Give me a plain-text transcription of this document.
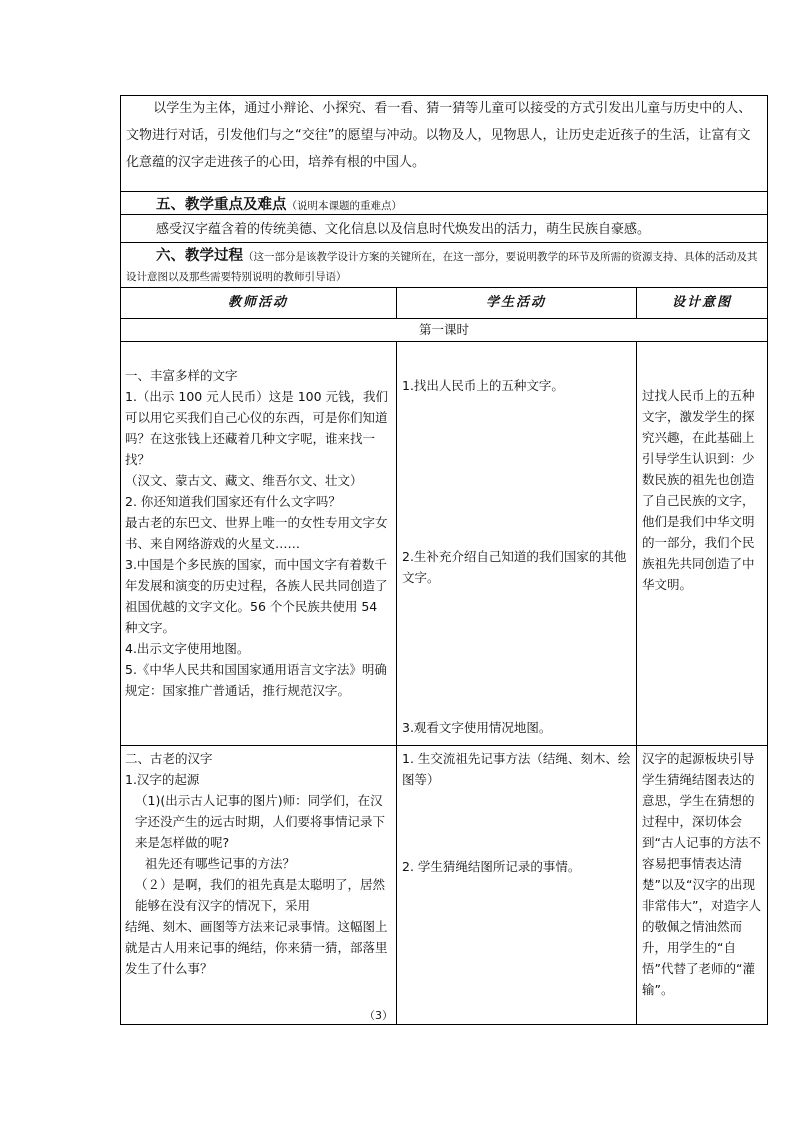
以学生为主体，通过小辩论、小探究、看一看、猜一猜等儿童可以接受的方式引发出儿童与历史中的人、文物进行对话，引发他们与之“交往”的愿望与冲动。以物及人，见物思人，让历史走近孩子的生活，让富有文化意蕴的汉字走进孩子的心田，培养有根的中国人。
五、教学重点及难点（说明本课题的重难点）
感受汉字蕴含着的传统美德、文化信息以及信息时代焕发出的活力，萌生民族自豪感。
六、教学过程（这一部分是该教学设计方案的关键所在，在这一部分，要说明教学的环节及所需的资源支持、具体的活动及其设计意图以及那些需要特别说明的教师引导语）
教师活动	学生活动	设计意图
第一课时

一、丰富多样的文字

1.（出示 100 元人民币）这是 100 元钱，我们可以用它买我们自己心仪的东西，可是你们知道吗？在这张钱上还藏着几种文字呢，谁来找一找？

（汉文、蒙古文、藏文、维吾尔文、壮文）

2. 你还知道我们国家还有什么文字吗？

最古老的东巴文、世界上唯一的女性专用文字女书、来自网络游戏的火星文……

3.中国是个多民族的国家，而中国文字有着数千年发展和演变的历史过程，各族人民共同创造了祖国优越的文字文化。56 个个民族共使用 54 种文字。

4.出示文字使用地图。

5.《中华人民共和国国家通用语言文字法》明确规定：国家推广普通话，推行规范汉字。

1.找出人民币上的五种文字。
2.生补充介绍自己知道的我们国家的其他文字。
3.观看文字使用情况地图。
过找人民币上的五种文字，激发学生的探究兴趣，在此基础上引导学生认识到：少数民族的祖先也创造了自己民族的文字，他们是我们中华文明的一部分，我们个民族祖先共同创造了中华文明。

二、古老的汉字

1.汉字的起源

（1)(出示古人记事的图片)师：同学们，在汉字还没产生的远古时期，人们要将事情记录下来是怎样做的呢?

祖先还有哪些记事的方法？

（２）是啊，我们的祖先真是太聪明了，居然能够在没有汉字的情况下，采用

结绳、刻木、画图等方法来记录事情。这幅图上就是古人用来记事的绳结，你来猜一猜，部落里发生了什么事？

（3）
1. 生交流祖先记事方法（结绳、刻木、绘图等）
2. 学生猜绳结图所记录的事情。
汉字的起源板块引导学生猜绳结图表达的意思，学生在猜想的过程中，深切体会到“古人记事的方法不容易把事情表达清楚”以及“汉字的出现非常伟大”，对造字人的敬佩之情油然而升，用学生的“自悟”代替了老师的“灌输”。
